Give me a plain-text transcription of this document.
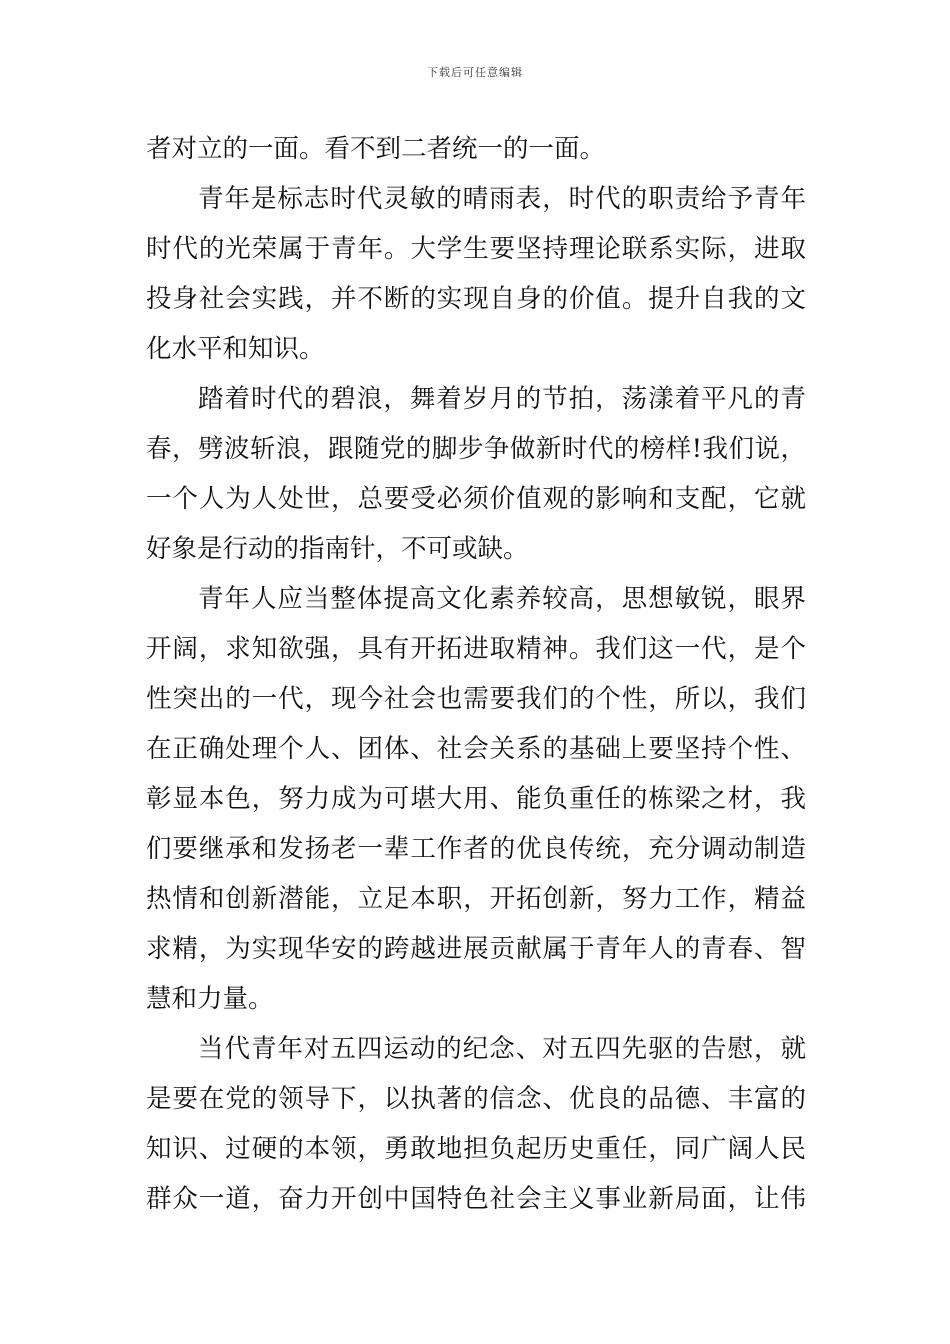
下载后可任意编辑
者对立的一面。看不到二者统一的一面。
青年是标志时代灵敏的晴雨表，时代的职责给予青年
时代的光荣属于青年。大学生要坚持理论联系实际，进取
投身社会实践，并不断的实现自身的价值。提升自我的文
化水平和知识。
踏着时代的碧浪，舞着岁月的节拍，荡漾着平凡的青
春，劈波斩浪，跟随党的脚步争做新时代的榜样!我们说，
一个人为人处世，总要受必须价值观的影响和支配，它就
好象是行动的指南针，不可或缺。
青年人应当整体提高文化素养较高，思想敏锐，眼界
开阔，求知欲强，具有开拓进取精神。我们这一代，是个
性突出的一代，现今社会也需要我们的个性，所以，我们
在正确处理个人、团体、社会关系的基础上要坚持个性、
彰显本色，努力成为可堪大用、能负重任的栋梁之材，我
们要继承和发扬老一辈工作者的优良传统，充分调动制造
热情和创新潜能，立足本职，开拓创新，努力工作，精益
求精，为实现华安的跨越进展贡献属于青年人的青春、智
慧和力量。
当代青年对五四运动的纪念、对五四先驱的告慰，就
是要在党的领导下，以执著的信念、优良的品德、丰富的
知识、过硬的本领，勇敢地担负起历史重任，同广阔人民
群众一道，奋力开创中国特色社会主义事业新局面，让伟
